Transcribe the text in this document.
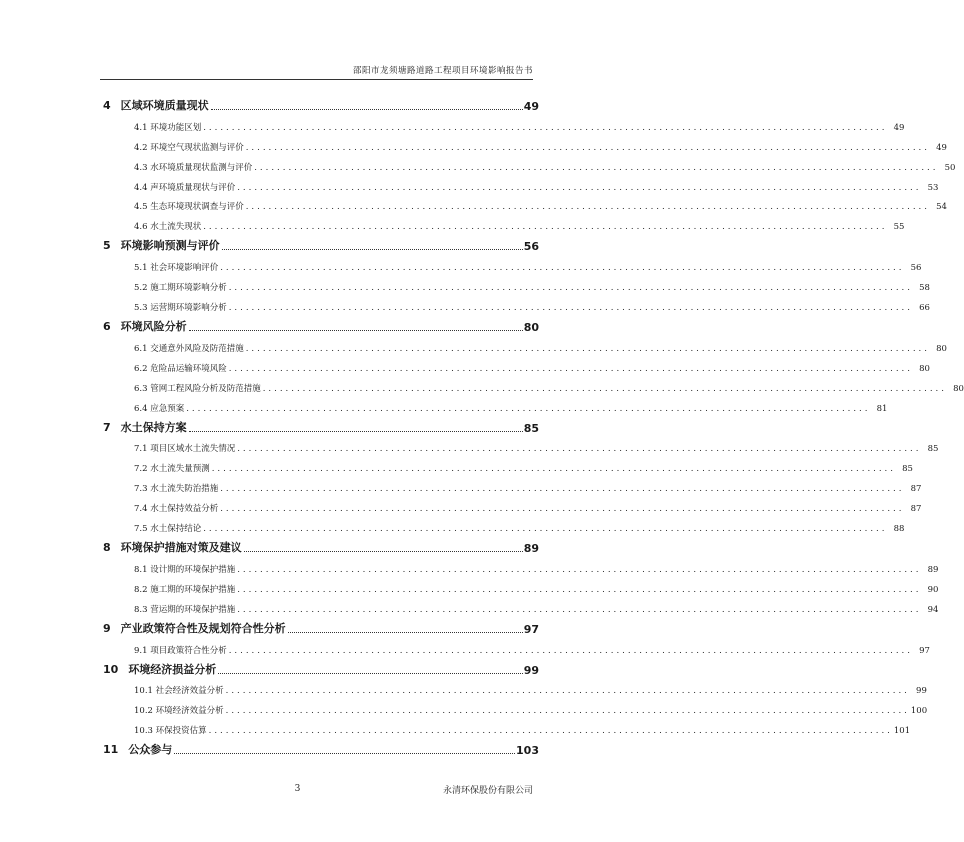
邵阳市龙须塘路道路工程项目环境影响报告书
4 区域环境质量现状	49
4.1 环境功能区划 ........................................................................................................................ 49
4.2 环境空气现状监测与评价 ........................................................................................................................ 49
4.3 水环境质量现状监测与评价 ........................................................................................................................ 50
4.4 声环境质量现状与评价 ........................................................................................................................ 53
4.5 生态环境现状调查与评价 ........................................................................................................................ 54
4.6 水土流失现状 ........................................................................................................................ 55
5 环境影响预测与评价	56
5.1 社会环境影响评价 ........................................................................................................................ 56
5.2 施工期环境影响分析 ........................................................................................................................ 58
5.3 运营期环境影响分析 ........................................................................................................................ 66
6 环境风险分析	80
6.1 交通意外风险及防范措施 ........................................................................................................................ 80
6.2 危险品运输环境风险 ........................................................................................................................ 80
6.3 管网工程风险分析及防范措施 ........................................................................................................................ 80
6.4 应急预案 ........................................................................................................................ 81
7 水土保持方案	85
7.1 项目区域水土流失情况 ........................................................................................................................ 85
7.2 水土流失量预测 ........................................................................................................................ 85
7.3 水土流失防治措施 ........................................................................................................................ 87
7.4 水土保持效益分析 ........................................................................................................................ 87
7.5 水土保持结论 ........................................................................................................................ 88
8 环境保护措施对策及建议	89
8.1 设计期的环境保护措施 ........................................................................................................................ 89
8.2 施工期的环境保护措施 ........................................................................................................................ 90
8.3 营运期的环境保护措施 ........................................................................................................................ 94
9 产业政策符合性及规划符合性分析	97
9.1 项目政策符合性分析 ........................................................................................................................ 97
10 环境经济损益分析	99
10.1 社会经济效益分析 ........................................................................................................................ 99
10.2 环境经济效益分析 ........................................................................................................................ 100
10.3 环保投资估算 ........................................................................................................................ 101
11 公众参与	103
3	永清环保股份有限公司
